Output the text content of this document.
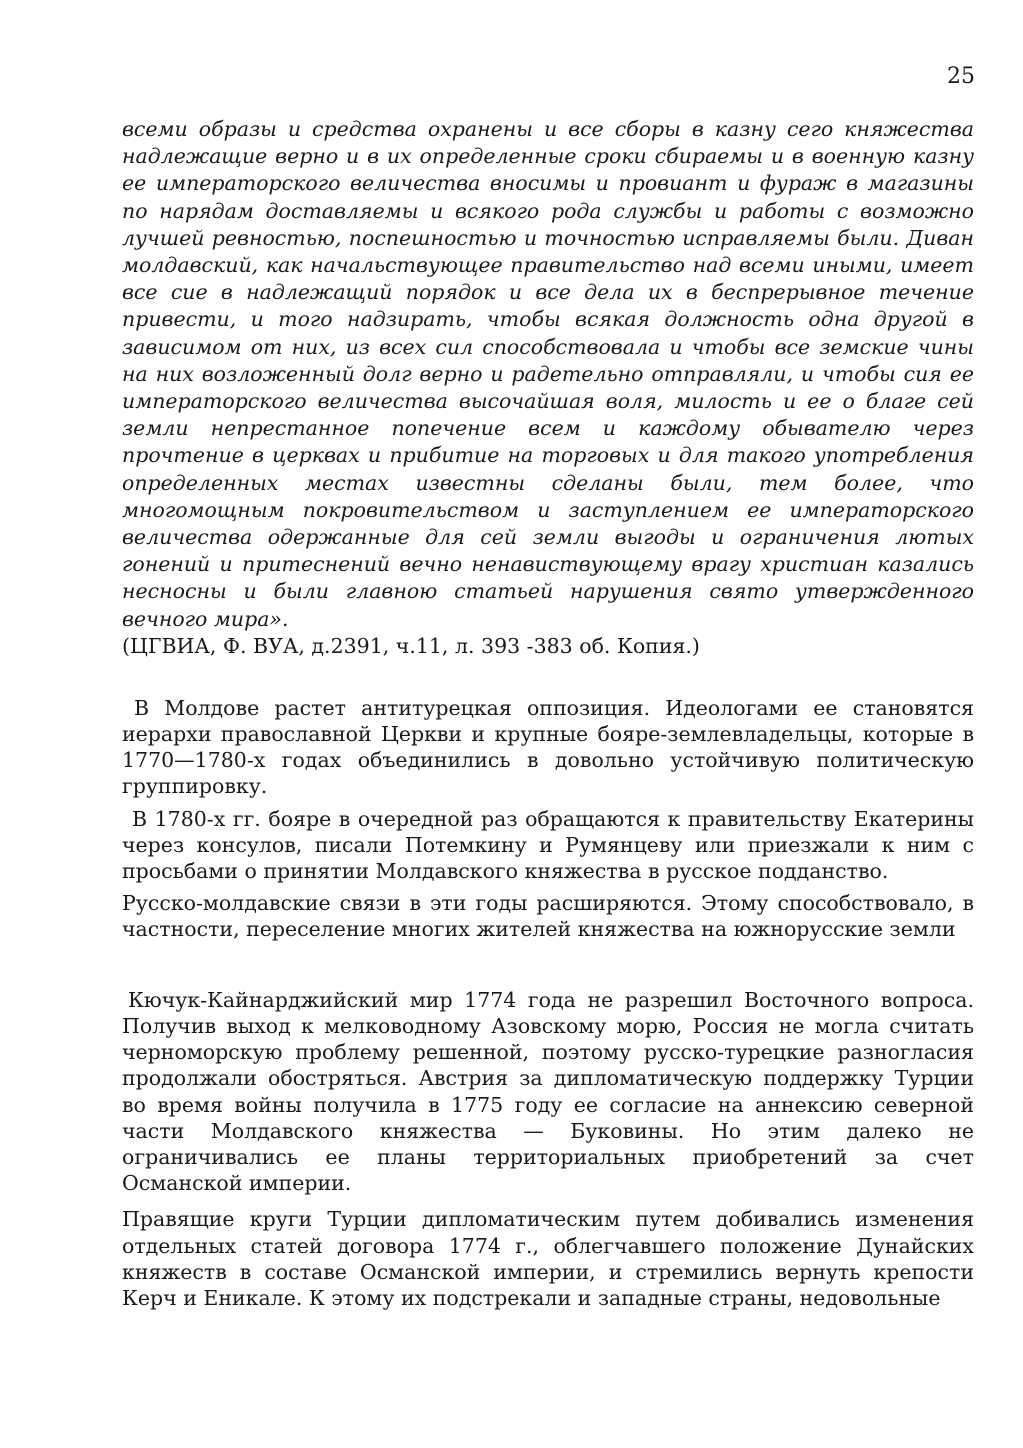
25

всеми образы и средства охранены и все сборы в казну сего княжества надлежащие верно и в их определенные сроки сбираемы и в военную казну ее императорского величества вносимы и провиант и фураж в магазины по нарядам доставляемы и всякого рода службы и работы с возможно лучшей ревностью, поспешностью и точностью исправляемы были. Диван молдавский, как начальствующее правительство над всеми иными, имеет все сие в надлежащий порядок и все дела их в беспрерывное течение привести, и того надзирать, чтобы всякая должность одна другой в зависимом от них, из всех сил способствовала и чтобы все земские чины на них возложенный долг верно и радетельно отправляли, и чтобы сия ее императорского величества высочайшая воля, милость и ее о благе сей земли непрестанное попечение всем и каждому обывателю через прочтение в церквах и прибитие на торговых и для такого употребления определенных местах известны сделаны были, тем более, что многомощным покровительством и заступлением ее императорского величества одержанные для сей земли выгоды и ограничения лютых гонений и притеснений вечно ненавиствующему врагу христиан казались несносны и были главною статьей нарушения свято утвержденного вечного мира».

(ЦГВИА, Ф. ВУА, д.2391, ч.11, л. 393 -383 об. Копия.)

В Молдове растет антитурецкая оппозиция. Идеологами ее становятся иерархи православной Церкви и крупные бояре-землевладельцы, которые в 1770—1780-х годах объединились в довольно устойчивую политическую группировку.

В 1780-х гг. бояре в очередной раз обращаются к правительству Екатерины через консулов, писали Потемкину и Румянцеву или приезжали к ним с просьбами о принятии Молдавского княжества в русское подданство.

Русско-молдавские связи в эти годы расширяются. Этому способствовало, в частности, переселение многих жителей княжества на южнорусские земли

Кючук-Кайнарджийский мир 1774 года не разрешил Восточного вопроса. Получив выход к мелководному Азовскому морю, Россия не могла считать черноморскую проблему решенной, поэтому русско-турецкие разногласия продолжали обостряться. Австрия за дипломатическую поддержку Турции во время войны получила в 1775 году ее согласие на аннексию северной части Молдавского княжества — Буковины. Но этим далеко не ограничивались ее планы территориальных приобретений за счет Османской империи.

Правящие круги Турции дипломатическим путем добивались изменения отдельных статей договора 1774 г., облегчавшего положение Дунайских княжеств в составе Османской империи, и стремились вернуть крепости Керч и Еникале. К этому их подстрекали и западные страны, недовольные
